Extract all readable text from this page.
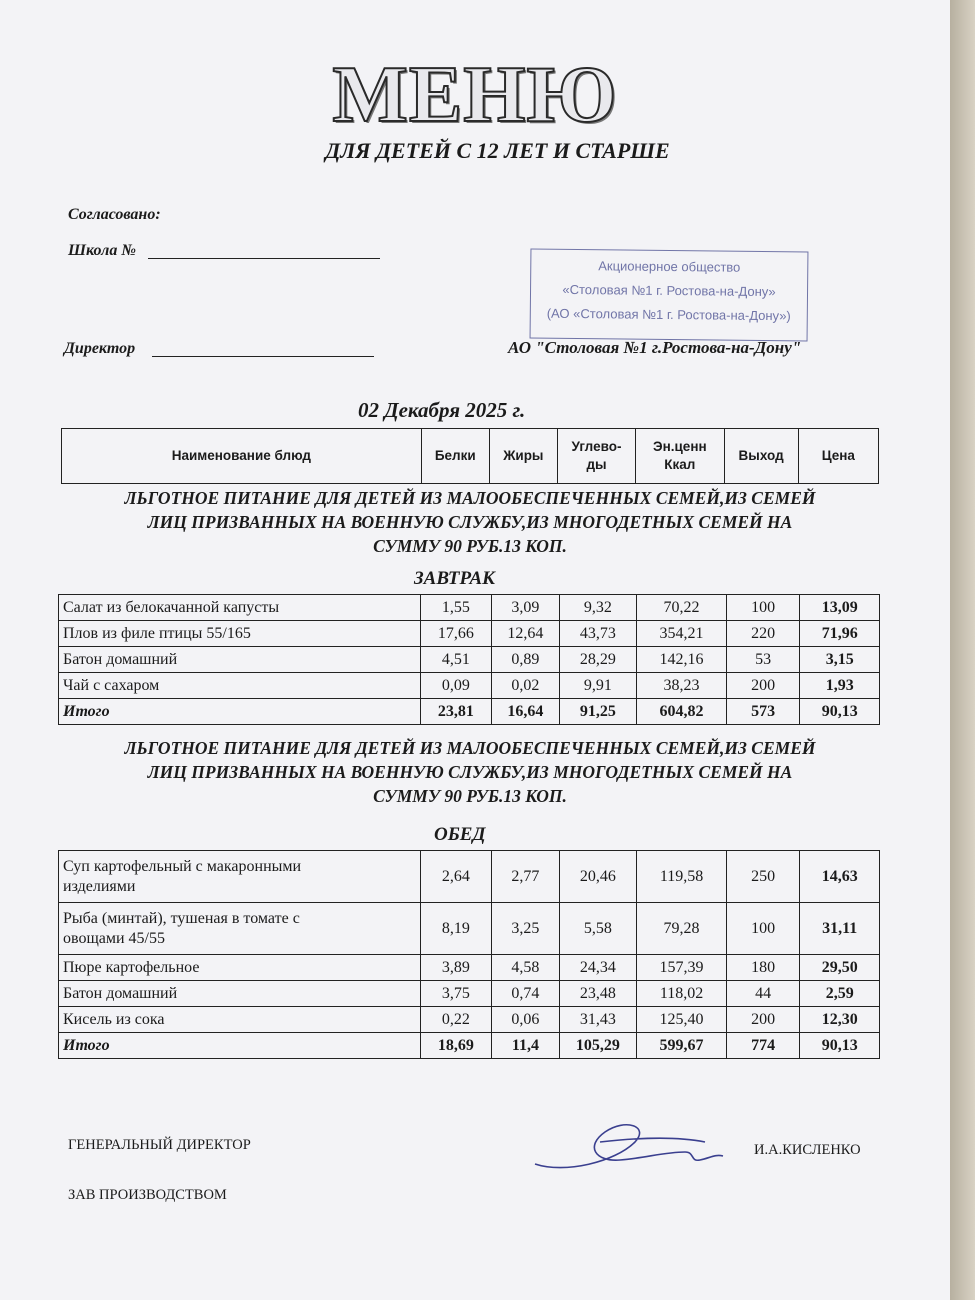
МЕНЮ
ДЛЯ ДЕТЕЙ С 12 ЛЕТ И СТАРШЕ
Согласовано:
Школа №
Директор
Акционерное общество
«Столовая №1 г. Ростова-на-Дону»
(АО «Столовая №1 г. Ростова-на-Дону»)
АО "Столовая №1 г.Ростова-на-Дону"
02 Декабря 2025 г.
Наименование блюд	Белки	Жиры	Углево-
ды	Эн.ценн
Ккал	Выход	Цена
ЛЬГОТНОЕ ПИТАНИЕ ДЛЯ ДЕТЕЙ ИЗ МАЛООБЕСПЕЧЕННЫХ СЕМЕЙ,ИЗ СЕМЕЙ
ЛИЦ ПРИЗВАННЫХ НА ВОЕННУЮ СЛУЖБУ,ИЗ МНОГОДЕТНЫХ СЕМЕЙ НА
СУММУ 90 РУБ.13 КОП.
ЗАВТРАК
Салат из белокачанной капусты	1,55	3,09	9,32	70,22	100	13,09
Плов из филе птицы 55/165	17,66	12,64	43,73	354,21	220	71,96
Батон домашний	4,51	0,89	28,29	142,16	53	3,15
Чай с сахаром	0,09	0,02	9,91	38,23	200	1,93
Итого	23,81	16,64	91,25	604,82	573	90,13
ЛЬГОТНОЕ ПИТАНИЕ ДЛЯ ДЕТЕЙ ИЗ МАЛООБЕСПЕЧЕННЫХ СЕМЕЙ,ИЗ СЕМЕЙ
ЛИЦ ПРИЗВАННЫХ НА ВОЕННУЮ СЛУЖБУ,ИЗ МНОГОДЕТНЫХ СЕМЕЙ НА
СУММУ 90 РУБ.13 КОП.
ОБЕД
Суп картофельный с макаронными
изделиями	2,64	2,77	20,46	119,58	250	14,63
Рыба (минтай), тушеная в томате с
овощами 45/55	8,19	3,25	5,58	79,28	100	31,11
Пюре картофельное	3,89	4,58	24,34	157,39	180	29,50
Батон домашний	3,75	0,74	23,48	118,02	44	2,59
Кисель из сока	0,22	0,06	31,43	125,40	200	12,30
Итого	18,69	11,4	105,29	599,67	774	90,13
ГЕНЕРАЛЬНЫЙ ДИРЕКТОР	И.А.КИСЛЕНКО
ЗАВ ПРОИЗВОДСТВОМ
